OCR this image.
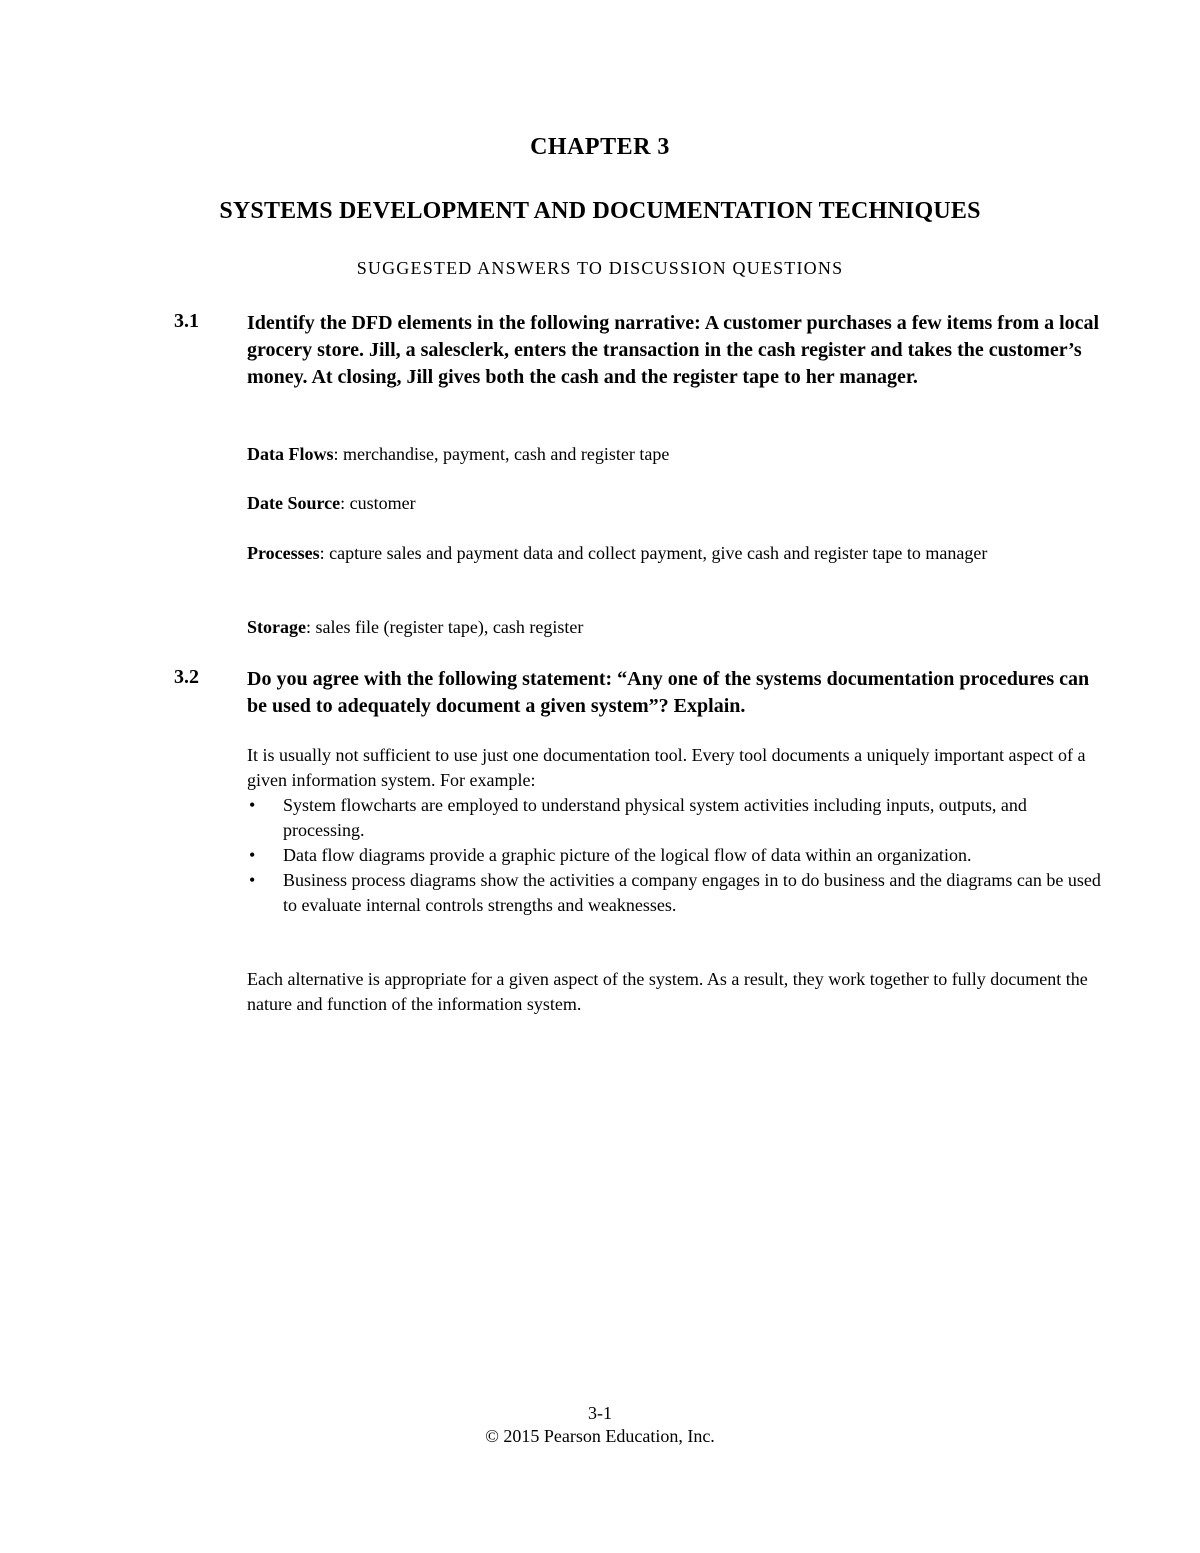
CHAPTER 3

SYSTEMS DEVELOPMENT AND DOCUMENTATION TECHNIQUES

SUGGESTED ANSWERS TO DISCUSSION QUESTIONS

3.1 Identify the DFD elements in the following narrative: A customer purchases a few items from a local grocery store. Jill, a salesclerk, enters the transaction in the cash register and takes the customer’s money. At closing, Jill gives both the cash and the register tape to her manager.

Data Flows: merchandise, payment, cash and register tape

Date Source: customer

Processes: capture sales and payment data and collect payment, give cash and register tape to manager

Storage: sales file (register tape), cash register

3.2 Do you agree with the following statement: “Any one of the systems documentation procedures can be used to adequately document a given system”? Explain.

It is usually not sufficient to use just one documentation tool. Every tool documents a uniquely important aspect of a given information system. For example:

• System flowcharts are employed to understand physical system activities including inputs, outputs, and processing.
• Data flow diagrams provide a graphic picture of the logical flow of data within an organization.
• Business process diagrams show the activities a company engages in to do business and the diagrams can be used to evaluate internal controls strengths and weaknesses.

Each alternative is appropriate for a given aspect of the system. As a result, they work together to fully document the nature and function of the information system.

3-1

© 2015 Pearson Education, Inc.
